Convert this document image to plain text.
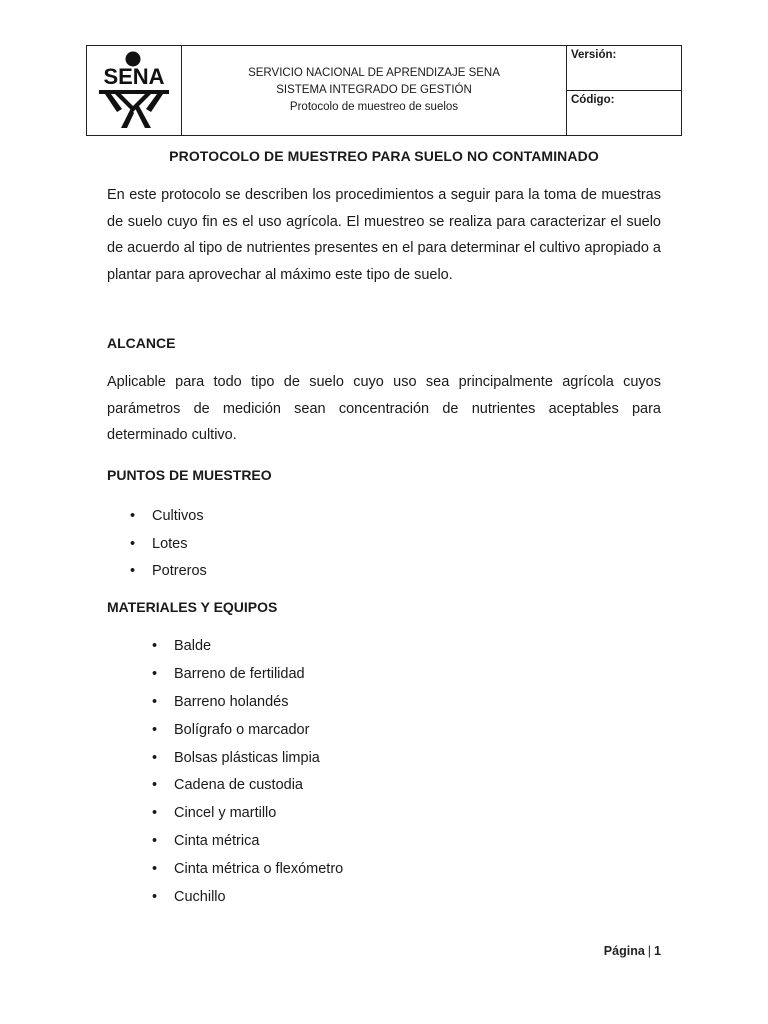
SENA	SERVICIO NACIONAL DE APRENDIZAJE SENA
SISTEMA INTEGRADO DE GESTIÓN
Protocolo de muestreo de suelos
	Versión:
Código:
PROTOCOLO DE MUESTREO PARA SUELO NO CONTAMINADO
En este protocolo se describen los procedimientos a seguir para la toma de muestras de suelo cuyo fin es el uso agrícola. El muestreo se realiza para caracterizar el suelo de acuerdo al tipo de nutrientes presentes en el para determinar el cultivo apropiado a plantar para aprovechar al máximo este tipo de suelo.
ALCANCE
Aplicable para todo tipo de suelo cuyo uso sea principalmente agrícola cuyos parámetros de medición sean concentración de nutrientes aceptables para determinado cultivo.
PUNTOS DE MUESTREO
• Cultivos
• Lotes
• Potreros
MATERIALES Y EQUIPOS
• Balde
• Barreno de fertilidad
• Barreno holandés
• Bolígrafo o marcador
• Bolsas plásticas limpia
• Cadena de custodia
• Cincel y martillo
• Cinta métrica
• Cinta métrica o flexómetro
• Cuchillo
Página | 1
